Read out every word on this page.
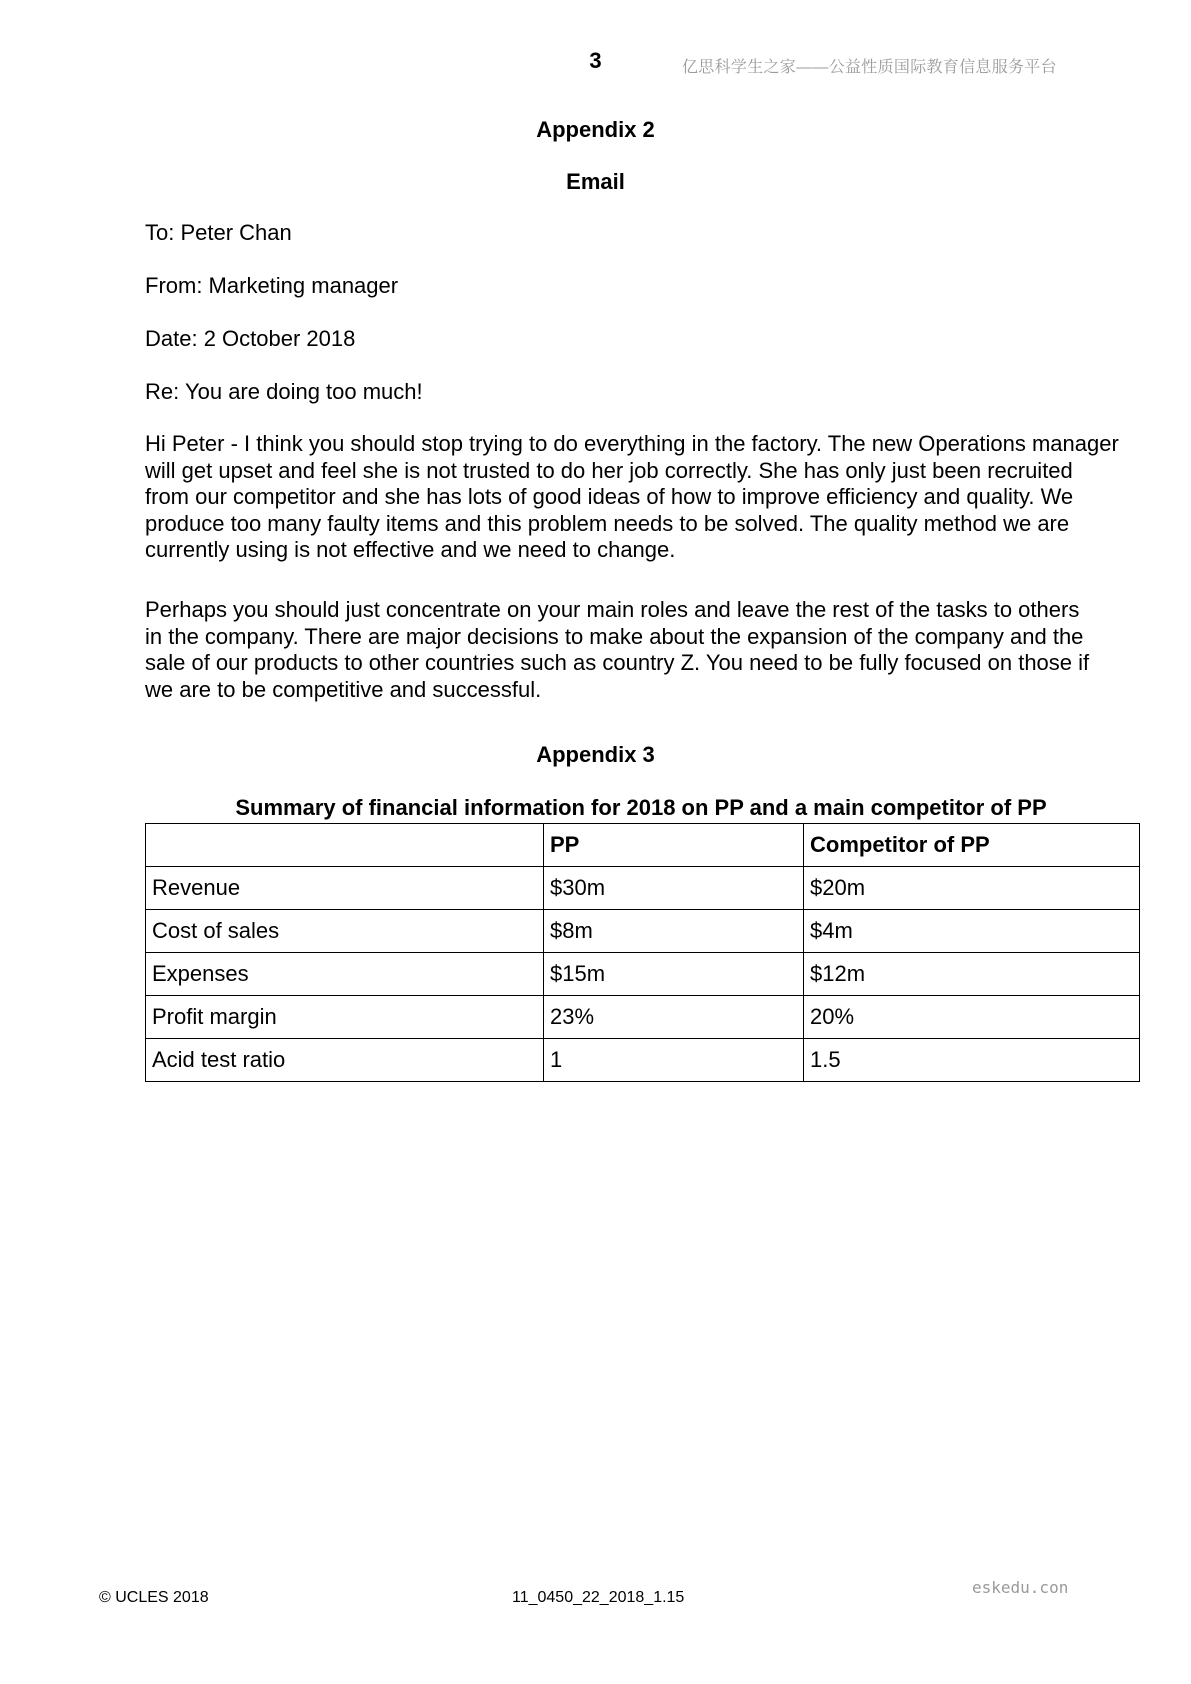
3	亿思科学生之家——公益性质国际教育信息服务平台
Appendix 2
Email
To: Peter Chan
From: Marketing manager
Date: 2 October 2018
Re: You are doing too much!

Hi Peter - I think you should stop trying to do everything in the factory. The new Operations manager

will get upset and feel she is not trusted to do her job correctly. She has only just been recruited

from our competitor and she has lots of good ideas of how to improve efficiency and quality. We

produce too many faulty items and this problem needs to be solved. The quality method we are

currently using is not effective and we need to change.

Perhaps you should just concentrate on your main roles and leave the rest of the tasks to others

in the company. There are major decisions to make about the expansion of the company and the

sale of our products to other countries such as country Z. You need to be fully focused on those if

we are to be competitive and successful.

Appendix 3
Summary of financial information for 2018 on PP and a main competitor of PP
	PP	Competitor of PP
Revenue	$30m	$20m
Cost of sales	$8m	$4m
Expenses	$15m	$12m
Profit margin	23%	20%
Acid test ratio	1	1.5
© UCLES 2018	11_0450_22_2018_1.15
eskedu.con
